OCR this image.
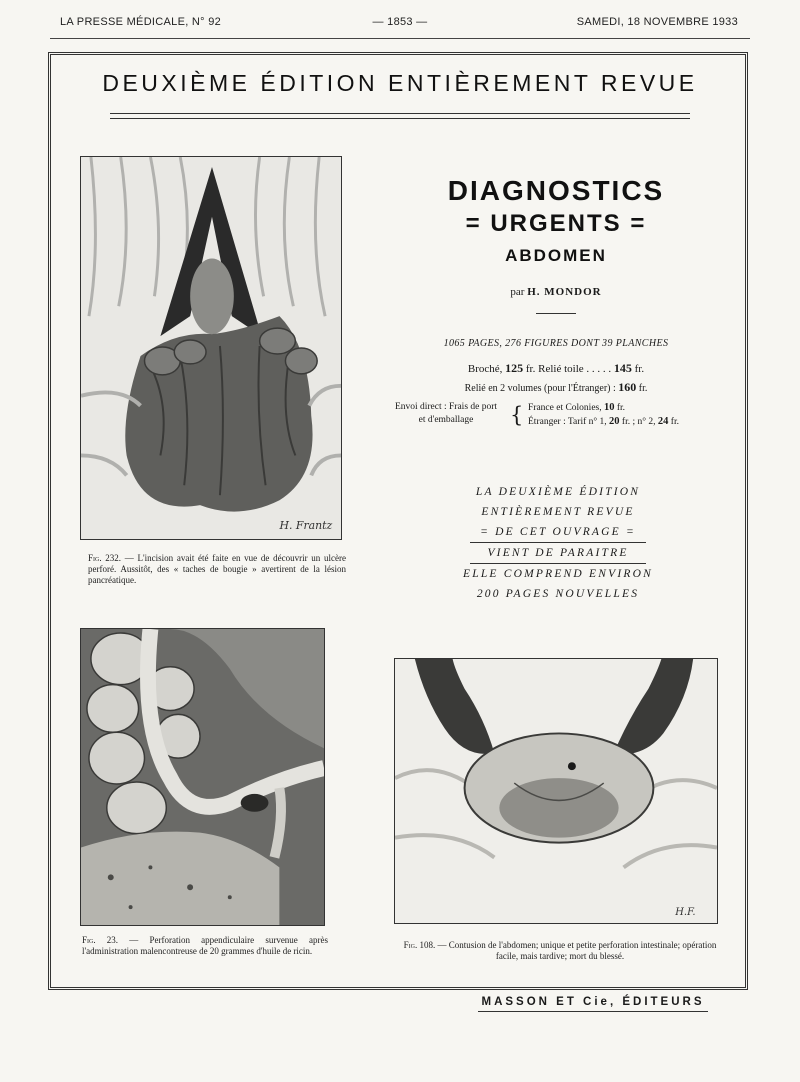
LA PRESSE MÉDICALE, N° 92	— 1853 —	SAMEDI, 18 NOVEMBRE 1933
DEUXIÈME ÉDITION ENTIÈREMENT REVUE
H. Frantz
Fig. 232. — L'incision avait été faite en vue de découvrir un ulcère perforé. Aussitôt, des « taches de bougie » avertirent de la lésion pancréatique.
Fig. 23. — Perforation appendiculaire survenue après l'administration malencontreuse de 20 grammes d'huile de ricin.
H.F.
Fig. 108. — Contusion de l'abdomen; unique et petite perforation intestinale; opération facile, mais tardive; mort du blessé.
DIAGNOSTICS
= URGENTS =
ABDOMEN
par H. MONDOR
1065 PAGES, 276 FIGURES DONT 39 PLANCHES
Broché, 125 fr. Relié toile . . . . . 145 fr.
Relié en 2 volumes (pour l'Étranger) : 160 fr.
Envoi direct : Frais de port
et d'emballage	{ France et Colonies, 10 fr.
Étranger : Tarif n° 1, 20 fr. ; n° 2, 24 fr.
LA DEUXIÈME ÉDITION
ENTIÈREMENT REVUE
= DE CET OUVRAGE =
VIENT DE PARAITRE
ELLE COMPREND ENVIRON
200 PAGES NOUVELLES
MASSON ET Cie, ÉDITEURS
